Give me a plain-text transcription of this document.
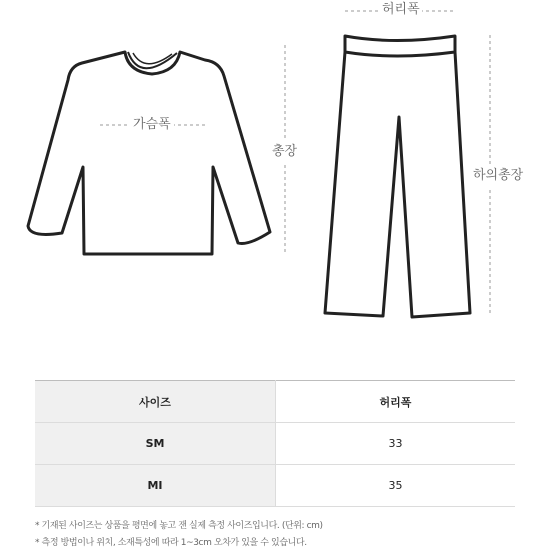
허리폭
가슴폭
총장
하의총장
사이즈	허리폭
SM	33
MI	35
* 기재된 사이즈는 상품을 평면에 놓고 잰 실제 측정 사이즈입니다. (단위: cm)
* 측정 방법이나 위치, 소재특성에 따라 1~3cm 오차가 있을 수 있습니다.
